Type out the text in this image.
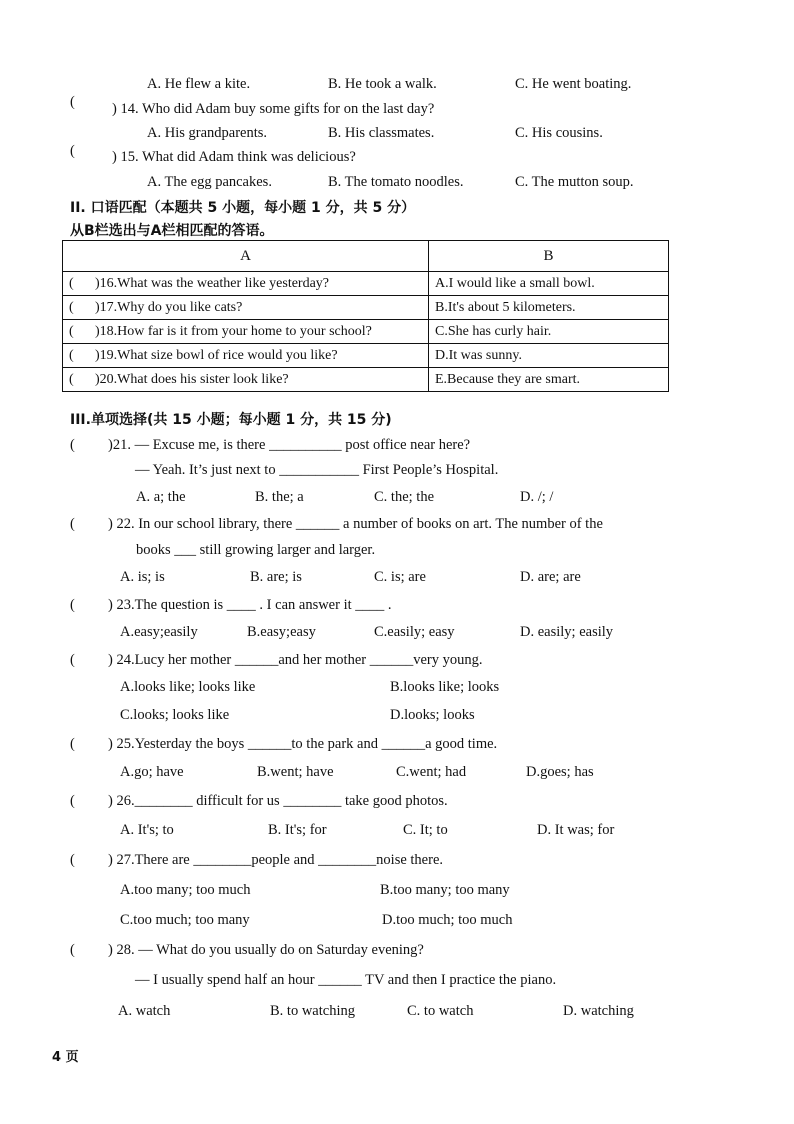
A. He flew a kite.	B. He took a walk.	C. He went boating.
(	) 14. Who did Adam buy some gifts for on the last day?
A. His grandparents.	B. His classmates.	C. His cousins.
(	) 15. What did Adam think was delicious?
A. The egg pancakes.	B. The tomato noodles.	C. The mutton soup.
II. 口语匹配（本题共 5 小题，每小题 1 分，共 5 分）
从B栏选出与A栏相匹配的答语。
A	B
( )16.What was the weather like yesterday?	A.I would like a small bowl.
( )17.Why do you like cats?	B.It's about 5 kilometers.
( )18.How far is it from your home to your school?	C.She has curly hair.
( )19.What size bowl of rice would you like?	D.It was sunny.
( )20.What does his sister look like?	E.Because they are smart.
III.单项选择(共 15 小题；每小题 1 分，共 15 分)
( )21. — Excuse me, is there __________ post office near here?
— Yeah. It’s just next to ___________ First People’s Hospital.
A. a; the	B. the; a	C. the; the	D. /; /
( ) 22. In our school library, there ______ a number of books on art. The number of the
books ___ still growing larger and larger.
A. is; is	B. are; is	C. is; are	D. are; are
( ) 23.The question is ____ . I can answer it ____ .
A.easy;easily	B.easy;easy	C.easily; easy	D. easily; easily
( ) 24.Lucy her mother ______and her mother ______very young.
A.looks like; looks like	B.looks like; looks
C.looks; looks like	D.looks; looks
( ) 25.Yesterday the boys ______to the park and ______a good time.
A.go; have	B.went; have	C.went; had	D.goes; has
( ) 26.________ difficult for us ________ take good photos.
A. It's; to	B. It's; for	C. It; to	D. It was; for
( ) 27.There are ________people and ________noise there.
A.too many; too much	B.too many; too many
C.too much; too many	D.too much; too much
( ) 28. — What do you usually do on Saturday evening?
— I usually spend half an hour ______ TV and then I practice the piano.
A. watch	B. to watching	C. to watch	D. watching
4 页
